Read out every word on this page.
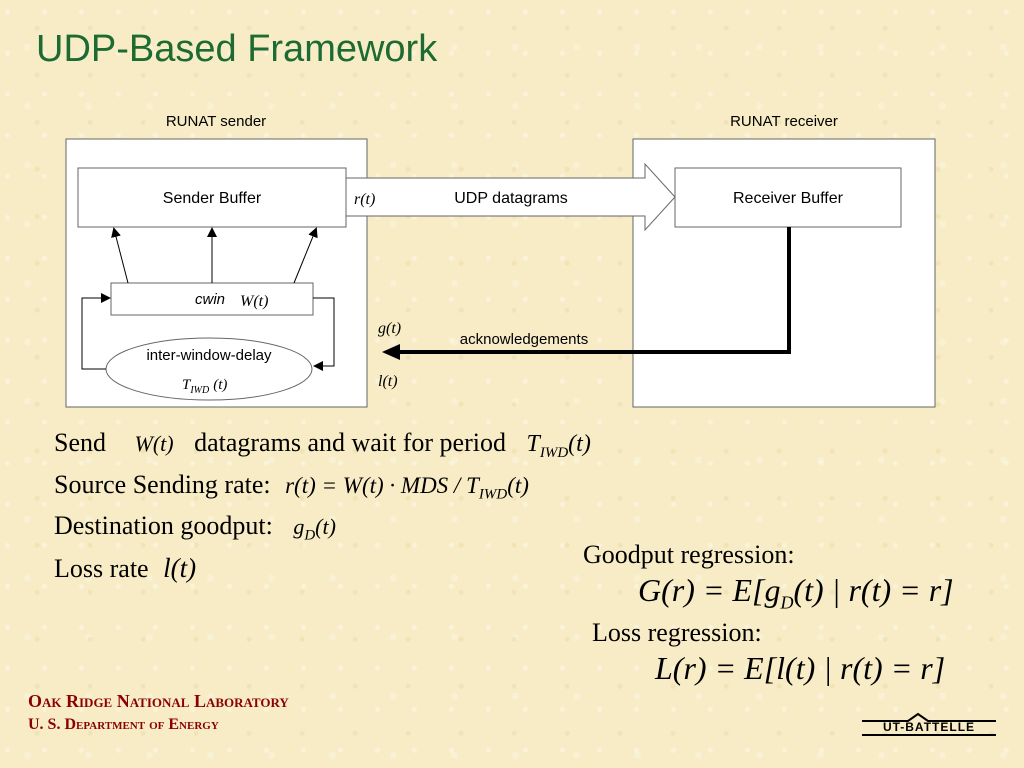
UDP-Based Framework
RUNAT sender	RUNAT receiver
Sender Buffer	Receiver Buffer
r(t)	UDP datagrams
cwin W(t)
inter-window-delay
$T_{IWD}$ (t)
acknowledgements
g(t)
l(t)
Send W(t) datagrams and wait for period $T_{IWD}(t)$
Source Sending rate: r(t) = W(t) · MDS / $T_{IWD}(t)$
Destination goodput: $g_D(t)$
Loss rate l(t)	Goodput regression:
$G(r) = E[g_D(t)$ | r(t) = r]
Loss regression:
L(r) = E[l(t) | r(t) = r]
Oak Ridge National Laboratory
U. S. Department of Energy	UT-BATTELLE
